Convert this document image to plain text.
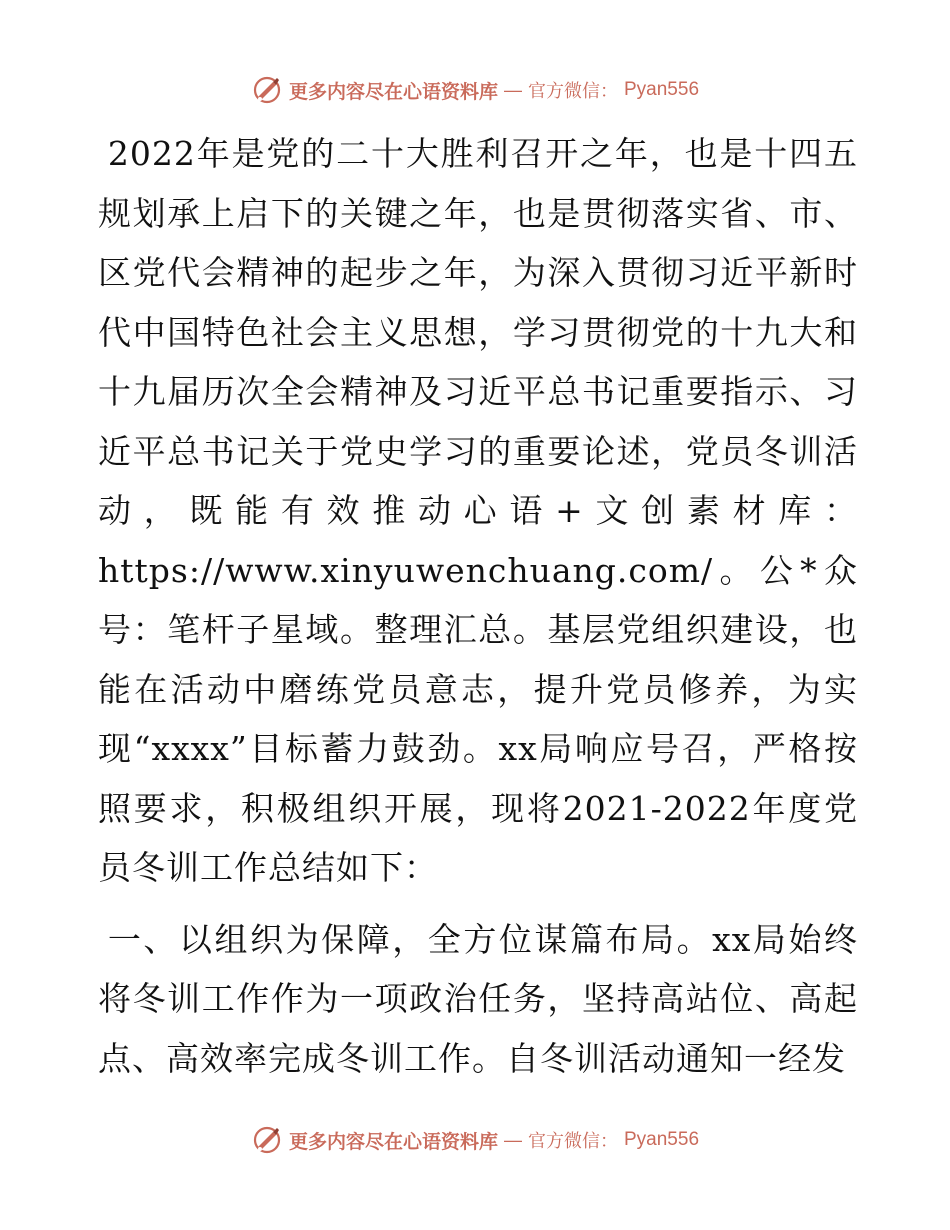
更多内容尽在心语资料库 — 官方微信： Pyan556

2022年是党的二十大胜利召开之年，也是十四五规划承上启下的关键之年，也是贯彻落实省、市、区党代会精神的起步之年，为深入贯彻习近平新时代中国特色社会主义思想，学习贯彻党的十九大和十九届历次全会精神及习近平总书记重要指示、习近平总书记关于党史学习的重要论述，党员冬训活动，既能有效推动心语+文创素材库：https://www.xinyuwenchuang.com/。公*众号：笔杆子星域。整理汇总。基层党组织建设，也能在活动中磨练党员意志，提升党员修养，为实现“xxxx”目标蓄力鼓劲。xx局响应号召，严格按照要求，积极组织开展，现将2021-2022年度党员冬训工作总结如下：

一、以组织为保障，全方位谋篇布局。xx局始终将冬训工作作为一项政治任务，坚持高站位、高起点、高效率完成冬训工作。自冬训活动通知一经发

更多内容尽在心语资料库 — 官方微信： Pyan556
